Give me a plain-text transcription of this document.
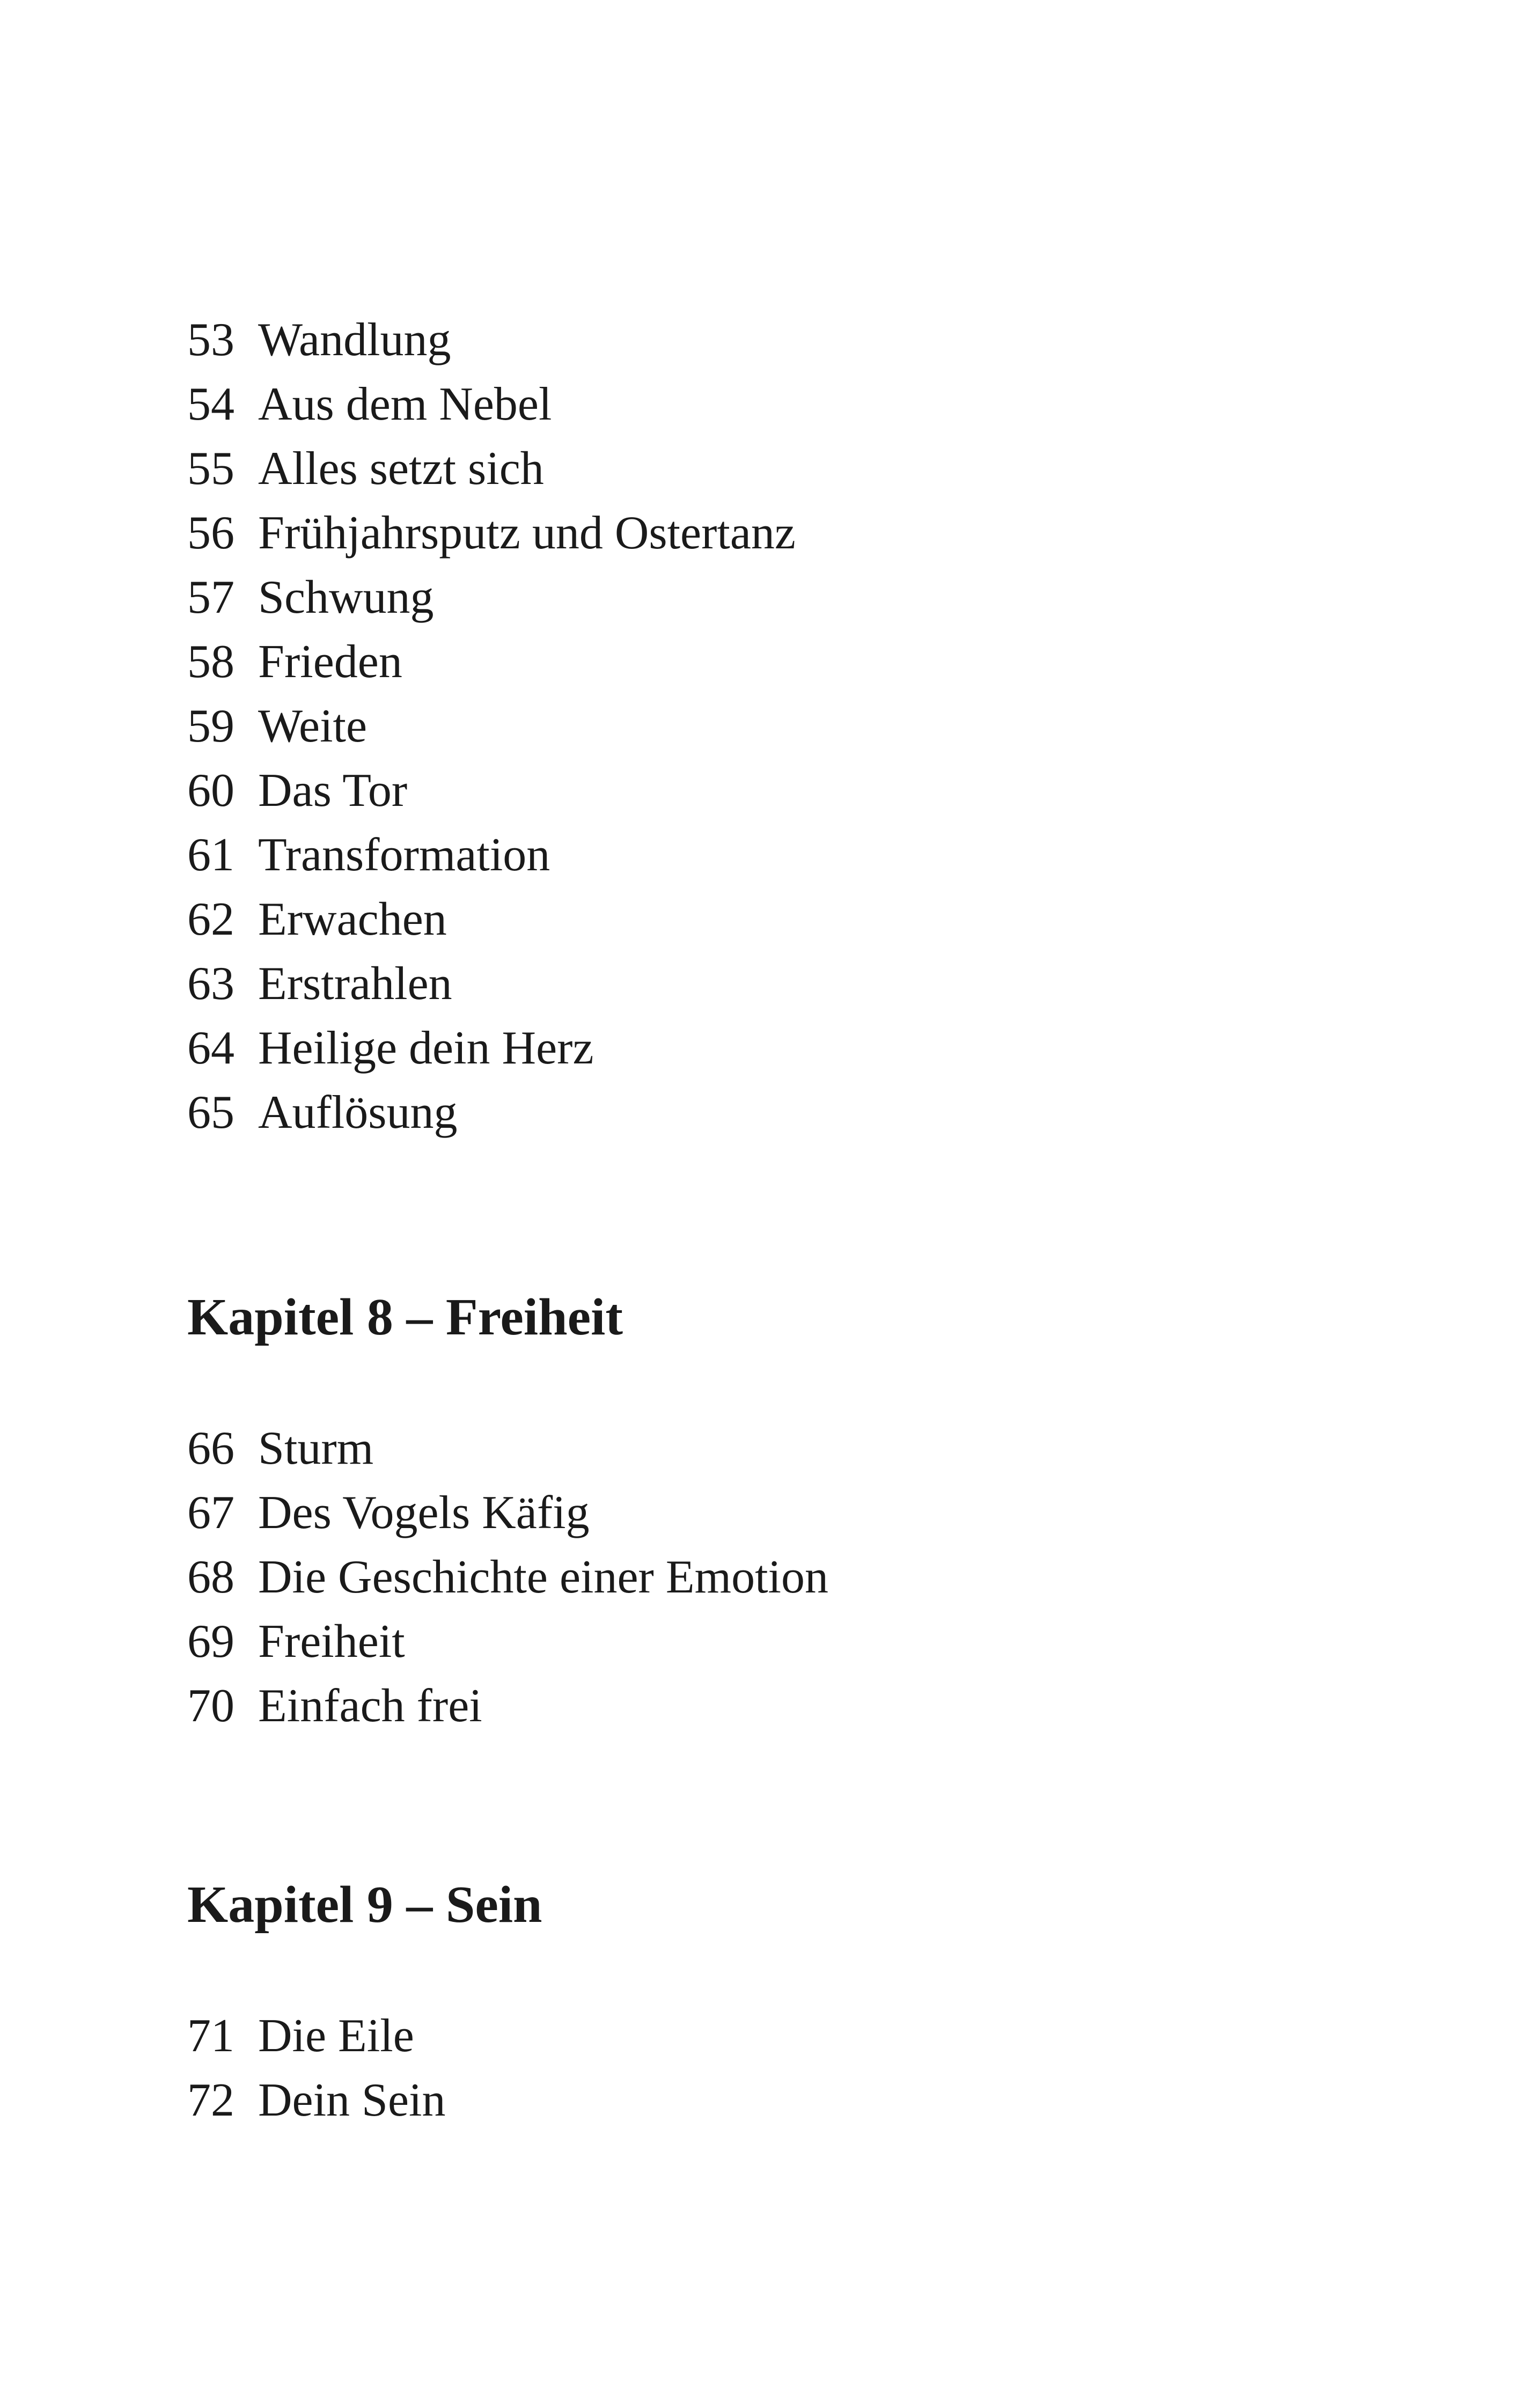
53 Wandlung
54 Aus dem Nebel
55 Alles setzt sich
56 Frühjahrsputz und Ostertanz
57 Schwung
58 Frieden
59 Weite
60 Das Tor
61 Transformation
62 Erwachen
63 Erstrahlen
64 Heilige dein Herz
65 Auflösung
Kapitel 8 – Freiheit
66 Sturm
67 Des Vogels Käfig
68 Die Geschichte einer Emotion
69 Freiheit
70 Einfach frei
Kapitel 9 – Sein
71 Die Eile
72 Dein Sein
